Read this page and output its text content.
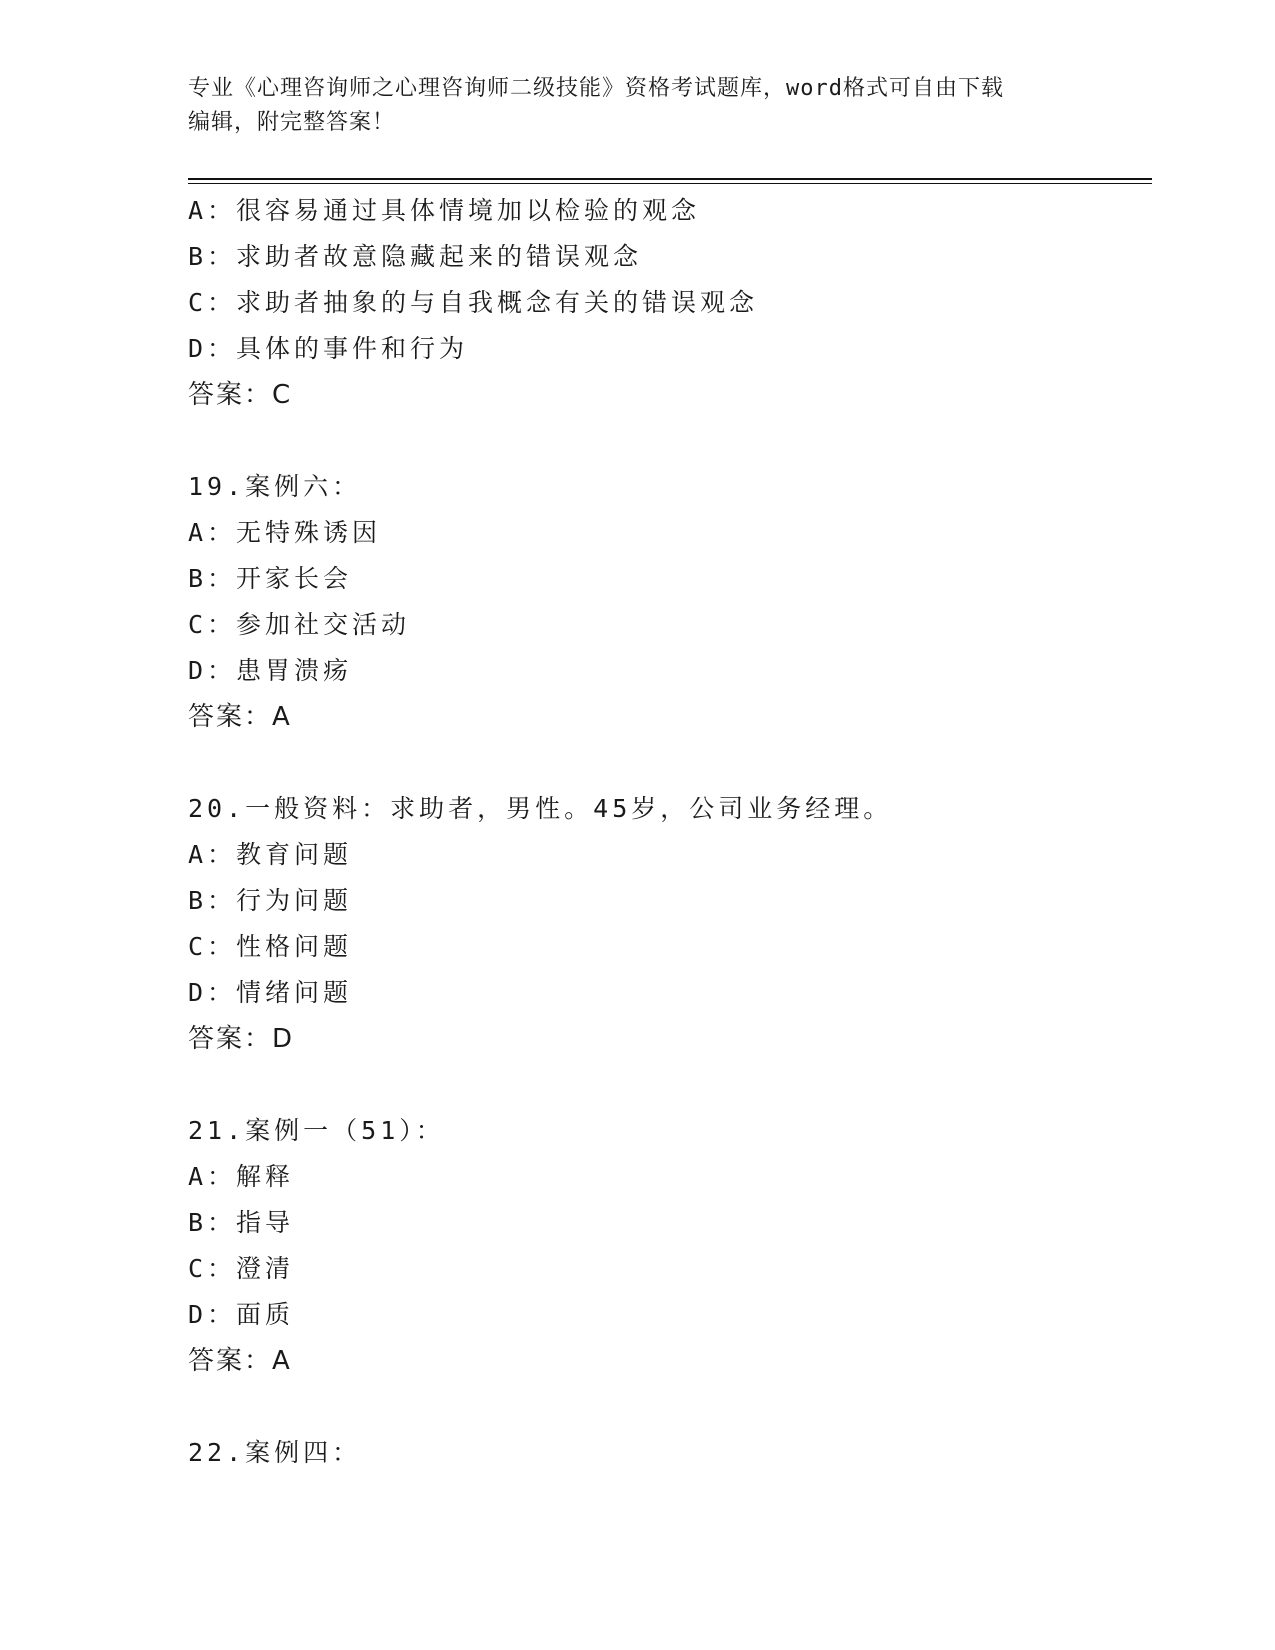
专业《心理咨询师之心理咨询师二级技能》资格考试题库，word格式可自由下载
编辑，附完整答案！
A：很容易通过具体情境加以检验的观念
B：求助者故意隐藏起来的错误观念
C：求助者抽象的与自我概念有关的错误观念
D：具体的事件和行为
答案：C
19.案例六：
A：无特殊诱因
B：开家长会
C：参加社交活动
D：患胃溃疡
答案：A
20.一般资料：求助者，男性。45岁，公司业务经理。
A：教育问题
B：行为问题
C：性格问题
D：情绪问题
答案：D
21.案例一（51）：
A：解释
B：指导
C：澄清
D：面质
答案：A
22.案例四：
